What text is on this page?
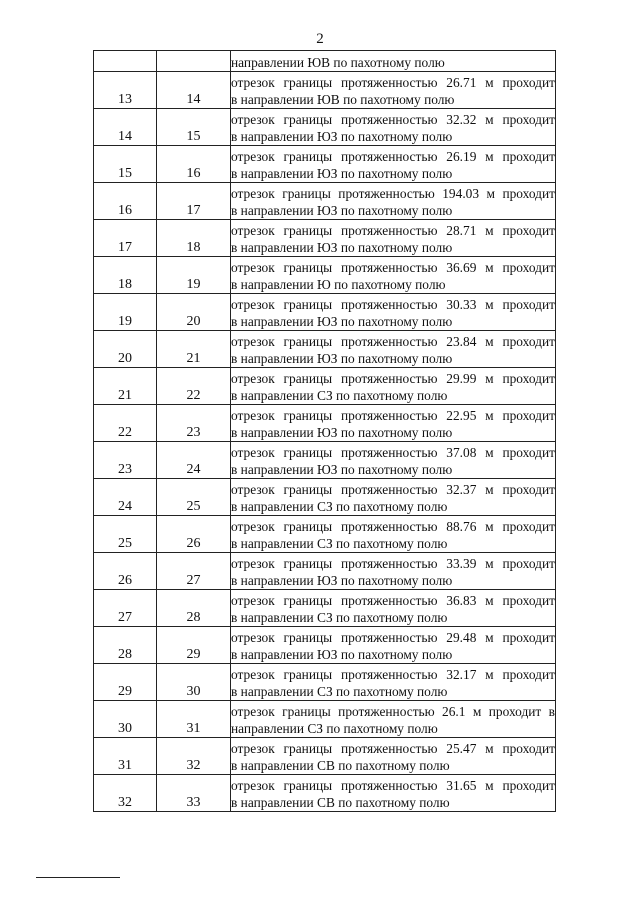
2

		направлении ЮВ по пахотному полю

13	14	отрезок границы протяженностью 26.71 м проходит
в направлении ЮВ по пахотному полю

14	15	отрезок границы протяженностью 32.32 м проходит
в направлении ЮЗ по пахотному полю

15	16	отрезок границы протяженностью 26.19 м проходит
в направлении ЮЗ по пахотному полю

16	17	отрезок границы протяженностью 194.03 м проходит
в направлении ЮЗ по пахотному полю

17	18	отрезок границы протяженностью 28.71 м проходит
в направлении ЮЗ по пахотному полю

18	19	отрезок границы протяженностью 36.69 м проходит
в направлении Ю по пахотному полю

19	20	отрезок границы протяженностью 30.33 м проходит
в направлении ЮЗ по пахотному полю

20	21	отрезок границы протяженностью 23.84 м проходит
в направлении ЮЗ по пахотному полю

21	22	отрезок границы протяженностью 29.99 м проходит
в направлении СЗ по пахотному полю

22	23	отрезок границы протяженностью 22.95 м проходит
в направлении ЮЗ по пахотному полю

23	24	отрезок границы протяженностью 37.08 м проходит
в направлении ЮЗ по пахотному полю

24	25	отрезок границы протяженностью 32.37 м проходит
в направлении СЗ по пахотному полю

25	26	отрезок границы протяженностью 88.76 м проходит
в направлении СЗ по пахотному полю

26	27	отрезок границы протяженностью 33.39 м проходит
в направлении ЮЗ по пахотному полю

27	28	отрезок границы протяженностью 36.83 м проходит
в направлении СЗ по пахотному полю

28	29	отрезок границы протяженностью 29.48 м проходит
в направлении ЮЗ по пахотному полю

29	30	отрезок границы протяженностью 32.17 м проходит
в направлении СЗ по пахотному полю

30	31	отрезок границы протяженностью 26.1 м проходит в
направлении СЗ по пахотному полю

31	32	отрезок границы протяженностью 25.47 м проходит
в направлении СВ по пахотному полю

32	33	отрезок границы протяженностью 31.65 м проходит
в направлении СВ по пахотному полю
